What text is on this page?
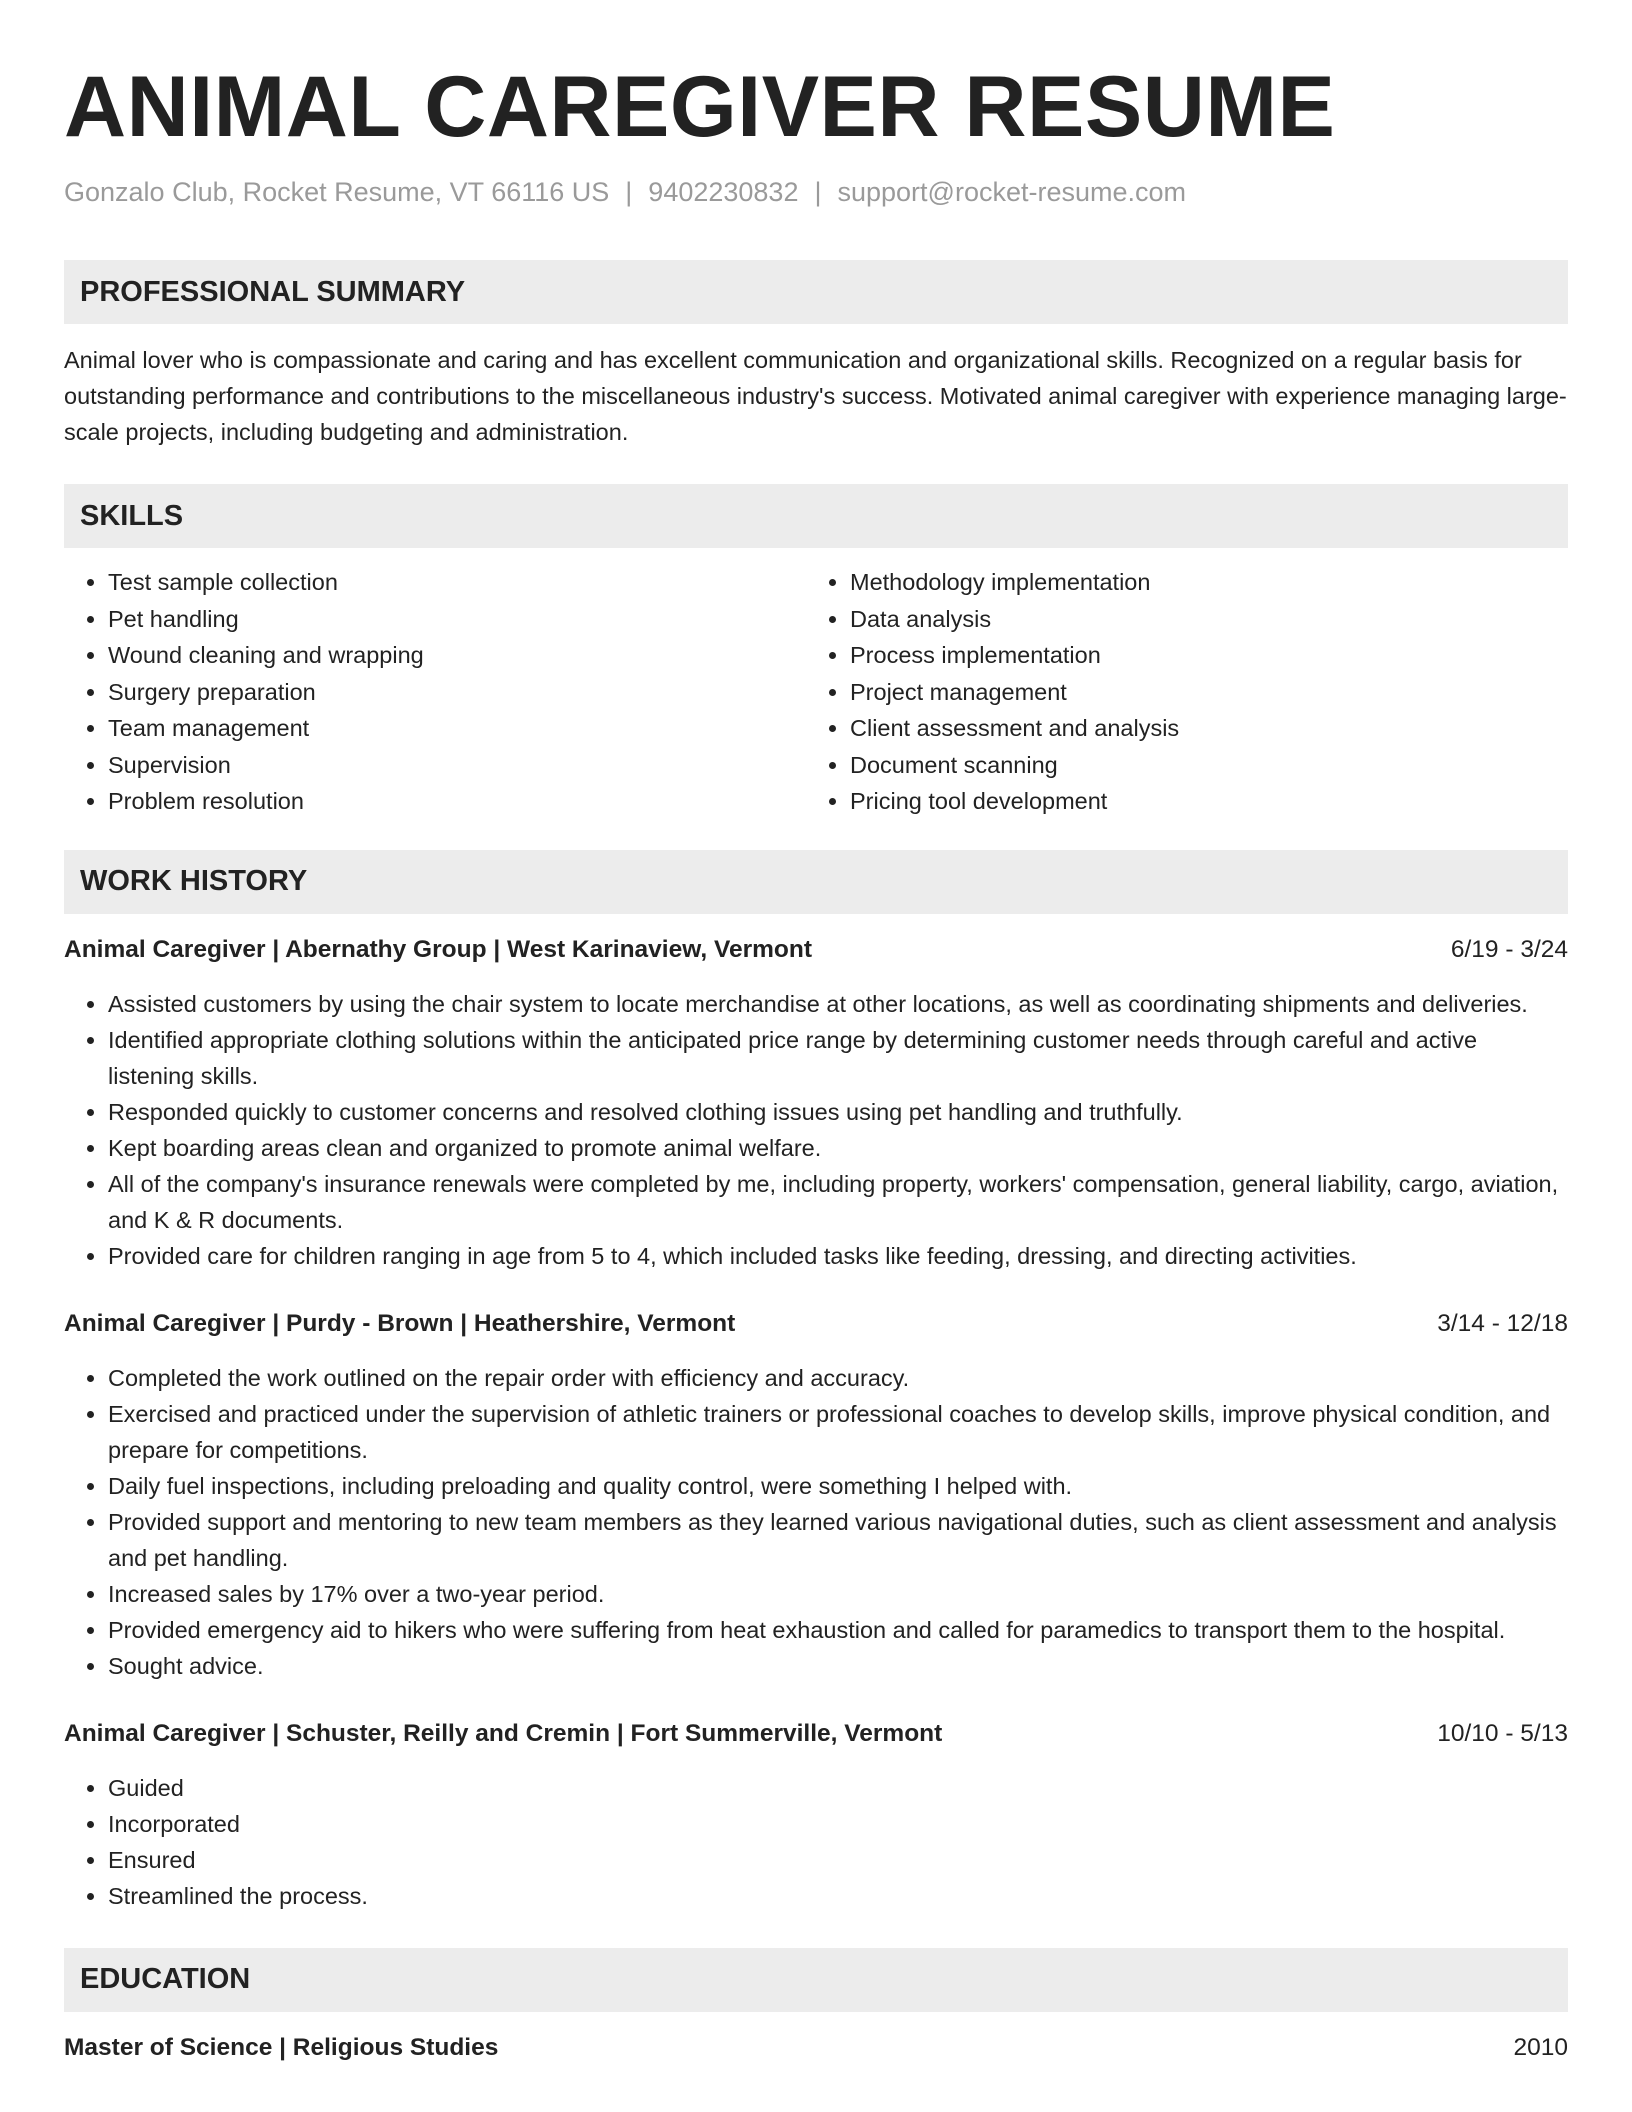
ANIMAL CAREGIVER RESUME
Gonzalo Club, Rocket Resume, VT 66116 US | 9402230832 | support@rocket-resume.com
PROFESSIONAL SUMMARY
Animal lover who is compassionate and caring and has excellent communication and organizational skills. Recognized on a regular basis for outstanding performance and contributions to the miscellaneous industry's success. Motivated animal caregiver with experience managing large-scale projects, including budgeting and administration.
SKILLS
• Test sample collection
• Pet handling
• Wound cleaning and wrapping
• Surgery preparation
• Team management
• Supervision
• Problem resolution
• Methodology implementation
• Data analysis
• Process implementation
• Project management
• Client assessment and analysis
• Document scanning
• Pricing tool development
WORK HISTORY
Animal Caregiver | Abernathy Group | West Karinaview, Vermont	6/19 - 3/24
• Assisted customers by using the chair system to locate merchandise at other locations, as well as coordinating shipments and deliveries.
• Identified appropriate clothing solutions within the anticipated price range by determining customer needs through careful and active listening skills.
• Responded quickly to customer concerns and resolved clothing issues using pet handling and truthfully.
• Kept boarding areas clean and organized to promote animal welfare.
• All of the company's insurance renewals were completed by me, including property, workers' compensation, general liability, cargo, aviation, and K & R documents.
• Provided care for children ranging in age from 5 to 4, which included tasks like feeding, dressing, and directing activities.
Animal Caregiver | Purdy - Brown | Heathershire, Vermont	3/14 - 12/18
• Completed the work outlined on the repair order with efficiency and accuracy.
• Exercised and practiced under the supervision of athletic trainers or professional coaches to develop skills, improve physical condition, and prepare for competitions.
• Daily fuel inspections, including preloading and quality control, were something I helped with.
• Provided support and mentoring to new team members as they learned various navigational duties, such as client assessment and analysis and pet handling.
• Increased sales by 17% over a two-year period.
• Provided emergency aid to hikers who were suffering from heat exhaustion and called for paramedics to transport them to the hospital.
• Sought advice.
Animal Caregiver | Schuster, Reilly and Cremin | Fort Summerville, Vermont	10/10 - 5/13
• Guided
• Incorporated
• Ensured
• Streamlined the process.
EDUCATION
Master of Science | Religious Studies	2010
